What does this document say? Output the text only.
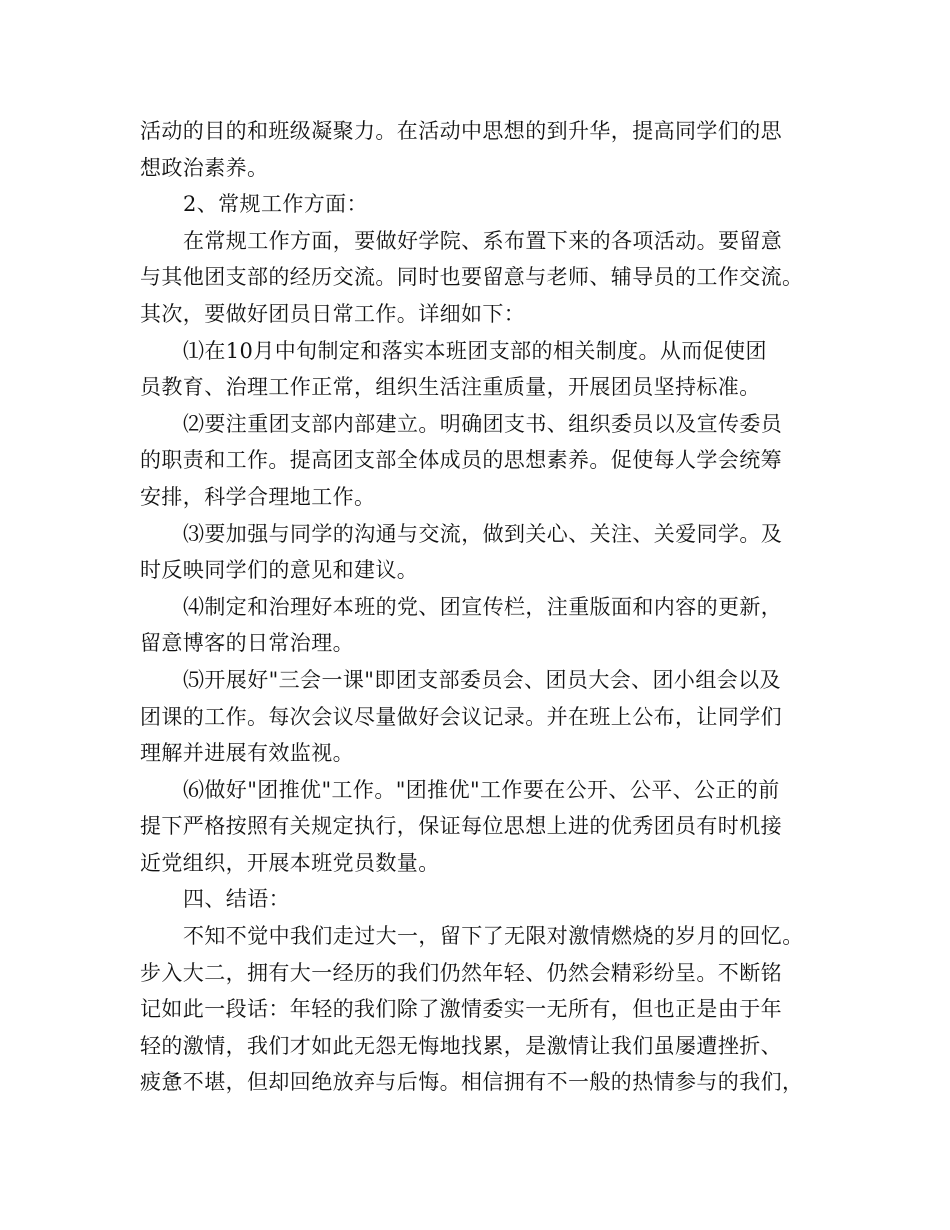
活动的目的和班级凝聚力。在活动中思想的到升华，提高同学们的思
想政治素养。
2、常规工作方面：
在常规工作方面，要做好学院、系布置下来的各项活动。要留意
与其他团支部的经历交流。同时也要留意与老师、辅导员的工作交流。
其次，要做好团员日常工作。详细如下：
⑴在10月中旬制定和落实本班团支部的相关制度。从而促使团
员教育、治理工作正常，组织生活注重质量，开展团员坚持标准。
⑵要注重团支部内部建立。明确团支书、组织委员以及宣传委员
的职责和工作。提高团支部全体成员的思想素养。促使每人学会统筹
安排，科学合理地工作。
⑶要加强与同学的沟通与交流，做到关心、关注、关爱同学。及
时反映同学们的意见和建议。
⑷制定和治理好本班的党、团宣传栏，注重版面和内容的更新，
留意博客的日常治理。
⑸开展好"三会一课"即团支部委员会、团员大会、团小组会以及
团课的工作。每次会议尽量做好会议记录。并在班上公布，让同学们
理解并进展有效监视。
⑹做好"团推优"工作。"团推优"工作要在公开、公平、公正的前
提下严格按照有关规定执行，保证每位思想上进的优秀团员有时机接
近党组织，开展本班党员数量。
四、结语：
不知不觉中我们走过大一，留下了无限对激情燃烧的岁月的回忆。
步入大二，拥有大一经历的我们仍然年轻、仍然会精彩纷呈。不断铭
记如此一段话：年轻的我们除了激情委实一无所有，但也正是由于年
轻的激情，我们才如此无怨无悔地找累，是激情让我们虽屡遭挫折、
疲惫不堪，但却回绝放弃与后悔。相信拥有不一般的热情参与的我们，
